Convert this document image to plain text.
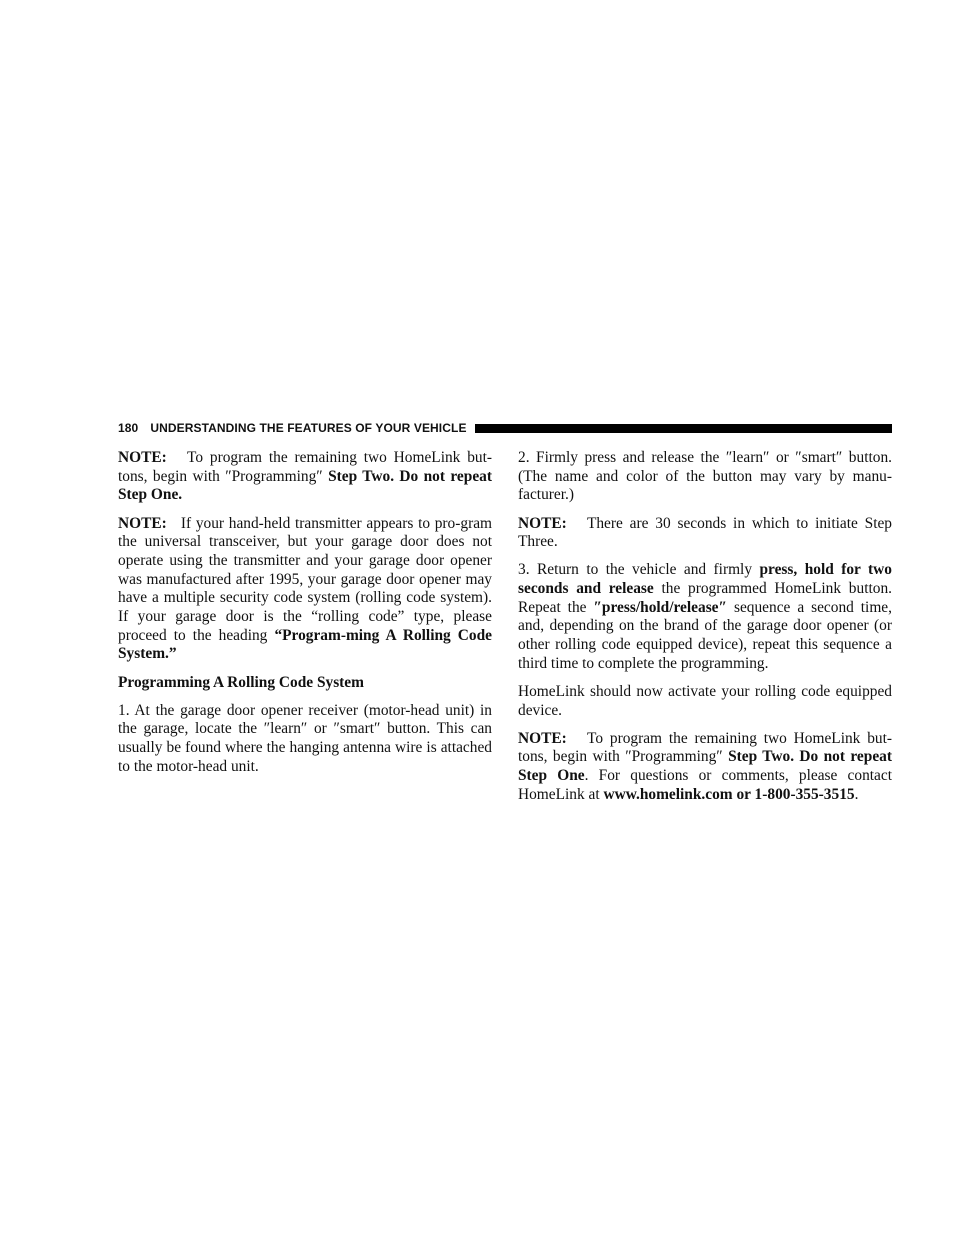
180 UNDERSTANDING THE FEATURES OF YOUR VEHICLE

NOTE: To program the remaining two HomeLink but-tons, begin with ″Programming″ Step Two. Do not repeat Step One.

NOTE: If your hand-held transmitter appears to pro-gram the universal transceiver, but your garage door does not operate using the transmitter and your garage door opener was manufactured after 1995, your garage door opener may have a multiple security code system (rolling code system). If your garage door is the “rolling code” type, please proceed to the heading “Program-ming A Rolling Code System.”

Programming A Rolling Code System

1. At the garage door opener receiver (motor-head unit) in the garage, locate the ″learn″ or ″smart″ button. This can usually be found where the hanging antenna wire is attached to the motor-head unit.

2. Firmly press and release the ″learn″ or ″smart″ button. (The name and color of the button may vary by manu-facturer.)

NOTE: There are 30 seconds in which to initiate Step Three.

3. Return to the vehicle and firmly press, hold for two seconds and release the programmed HomeLink button. Repeat the ″press/hold/release″ sequence a second time, and, depending on the brand of the garage door opener (or other rolling code equipped device), repeat this sequence a third time to complete the programming.

HomeLink should now activate your rolling code equipped device.

NOTE: To program the remaining two HomeLink but-tons, begin with ″Programming″ Step Two. Do not repeat Step One. For questions or comments, please contact HomeLink at www.homelink.com or 1-800-355-3515.
